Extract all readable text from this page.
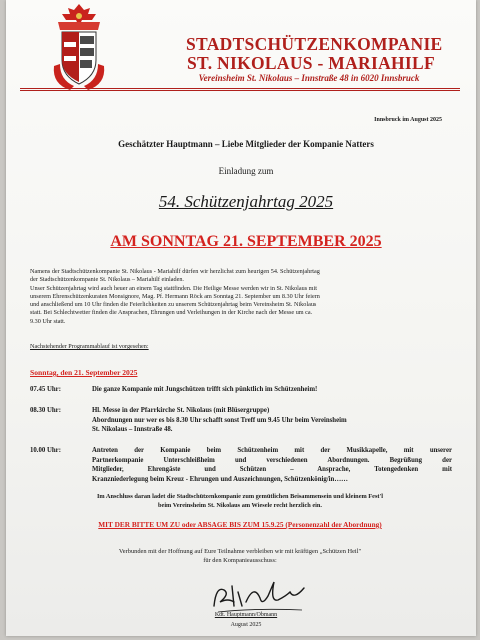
STADTSCHÜTZENKOMPANIE
ST. NIKOLAUS - MARIAHILF
Vereinsheim St. Nikolaus – Innstraße 48 in 6020 Innsbruck
Innsbruck im August 2025
Geschätzter Hauptmann – Liebe Mitglieder der Kompanie Natters
Einladung zum
54. Schützenjahrtag 2025
AM SONNTAG 21. SEPTEMBER 2025
Namens der Stadtschützenkompanie St. Nikolaus - Mariahilf dürfen wir herzlichst zum heurigen 54. Schützenjahrtag
der Stadtschützenkompanie St. Nikolaus – Mariahilf einladen.
Unser Schützenjahrtag wird auch heuer an einem Tag stattfinden. Die Heilige Messe werden wir in St. Nikolaus mit
unserem Ehrenschützenkuraten Monsignore, Mag. Pf. Hermann Röck am Sonntag 21. September um 8.30 Uhr feiern
und anschließend um 10 Uhr finden die Feierlichkeiten zu unserem Schützenjahrtag beim Vereinsheim St. Nikolaus
statt. Bei Schlechtwetter finden die Ansprachen, Ehrungen und Verleihungen in der Kirche nach der Messe um ca.
9.30 Uhr statt.
Nachstehender Programmablauf ist vorgesehen:
Sonntag, den 21. September 2025
07.45 Uhr:	Die ganze Kompanie mit Jungschützen trifft sich pünktlich im Schützenheim!
08.30 Uhr:	Hl. Messe in der Pfarrkirche St. Nikolaus (mit Blüsergruppe)
Abordnungen nur wer es bis 8.30 Uhr schafft sonst Treff um 9.45 Uhr beim Vereinsheim
St. Nikolaus – Innstraße 48.
10.00 Uhr:	Antreten der Kompanie beim Schützenheim mit der Musikkapelle, mit unserer
Partnerkompanie Unterschleißheim und verschiedenen Abordnungen. Begrüßung der
Mitglieder, Ehrengäste und Schützen – Ansprache, Totengedenken mit
Kranzniederlegung beim Kreuz - Ehrungen und Auszeichnungen, Schützenkönig/in……
Im Anschluss daran ladet die Stadtschützenkompanie zum gemütlichen Beisammensein und kleinem Fest'l
beim Vereinsheim St. Nikolaus am Wiesele recht herzlich ein.
MIT DER BITTE UM ZU oder ABSAGE BIS ZUM 15.9.25 (Personenzahl der Abordnung)
Verbunden mit der Hoffnung auf Eure Teilnahme verbleiben wir mit kräftigen „Schützen Heil"
für den Kompanieausschuss:
Kdt. Hauptmann/Obmann
August 2025
